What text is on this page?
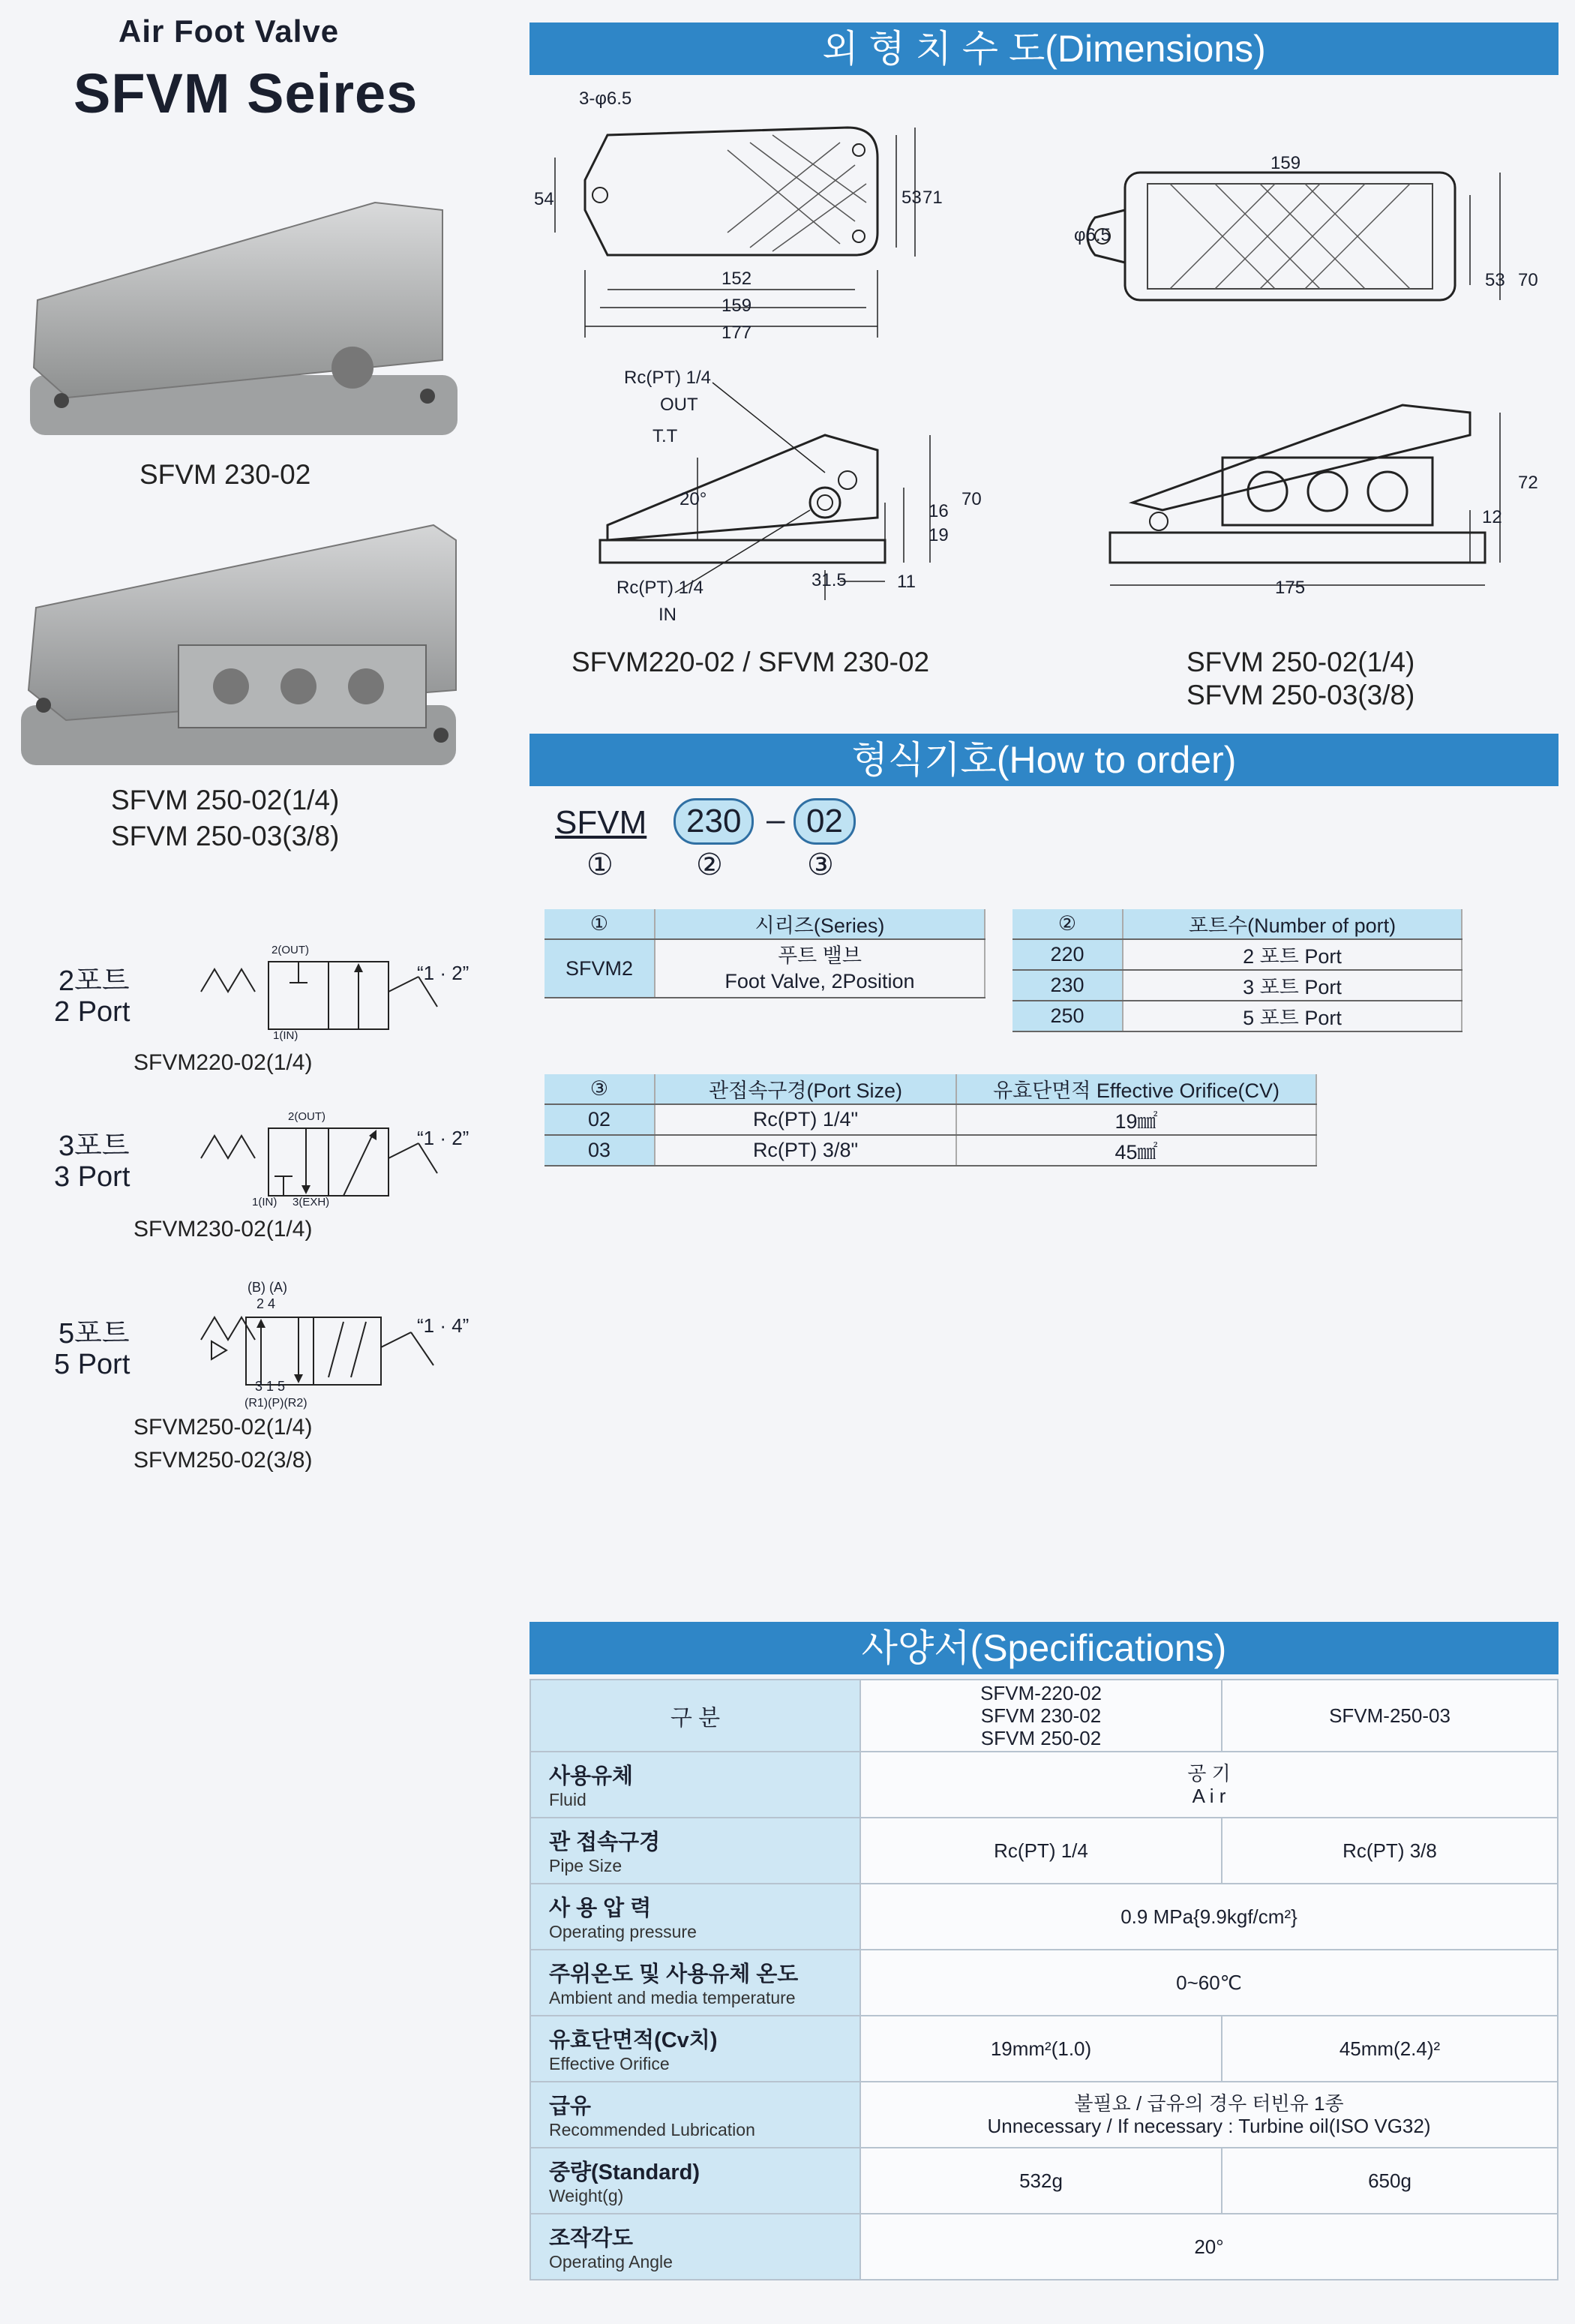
Air Foot Valve
SFVM Seires
외 형 치 수 도(Dimensions)
형식기호(How to order)
사양서(Specifications)
SFVM 230-02
SFVM 250-02(1/4)
SFVM 250-03(3/8)
2포트
2 Port
2(OUT)
1(IN)
“1 · 2”
SFVM220-02(1/4)
3포트
3 Port
2(OUT)
1(IN) 3(EXH)
“1 · 2”
SFVM230-02(1/4)
5포트
5 Port
(B) (A)
2 4
3 1 5
(R1)(P)(R2)
“1 · 4”
SFVM250-02(1/4)
SFVM250-02(3/8)
3-φ6.5
54	53 71
152
159
177
Rc(PT) 1/4
OUT
T.T
20°	70
19
16
11
31.5
Rc(PT) 1/4
IN
SFVM220-02 / SFVM 230-02
159
φ6.5
53 70
72
12
175
SFVM 250-02(1/4)
SFVM 250-03(3/8)
SFVM	230 – 02
①	②	③
①	시리즈(Series)
SFVM2	푸트 밸브
Foot Valve, 2Position
②	포트수(Number of port)
220	2 포트 Port
230	3 포트 Port
250	5 포트 Port
③	관접속구경(Port Size)	유효단면적 Effective Orifice(CV)
02	Rc(PT) 1/4"	19㎟
03	Rc(PT) 3/8"	45㎟
구 분	SFVM-220-02
SFVM 230-02
SFVM 250-02	SFVM-250-03

사용유체
Fluid	공 기
A i r	

관 접속구경
Pipe Size	Rc(PT) 1/4	Rc(PT) 3/8

사 용 압 력
Operating pressure	0.9 MPa{9.9kgf/cm²}	

주위온도 및 사용유체 온도
Ambient and media temperature	0~60℃	

유효단면적(Cv치)
Effective Orifice	19mm²(1.0)	45mm(2.4)²

급유
Recommended Lubrication	불필요 / 급유의 경우 터빈유 1종
Unnecessary / If necessary : Turbine oil(ISO VG32)	

중량(Standard)
Weight(g)	532g	650g

조작각도
Operating Angle	20°	
